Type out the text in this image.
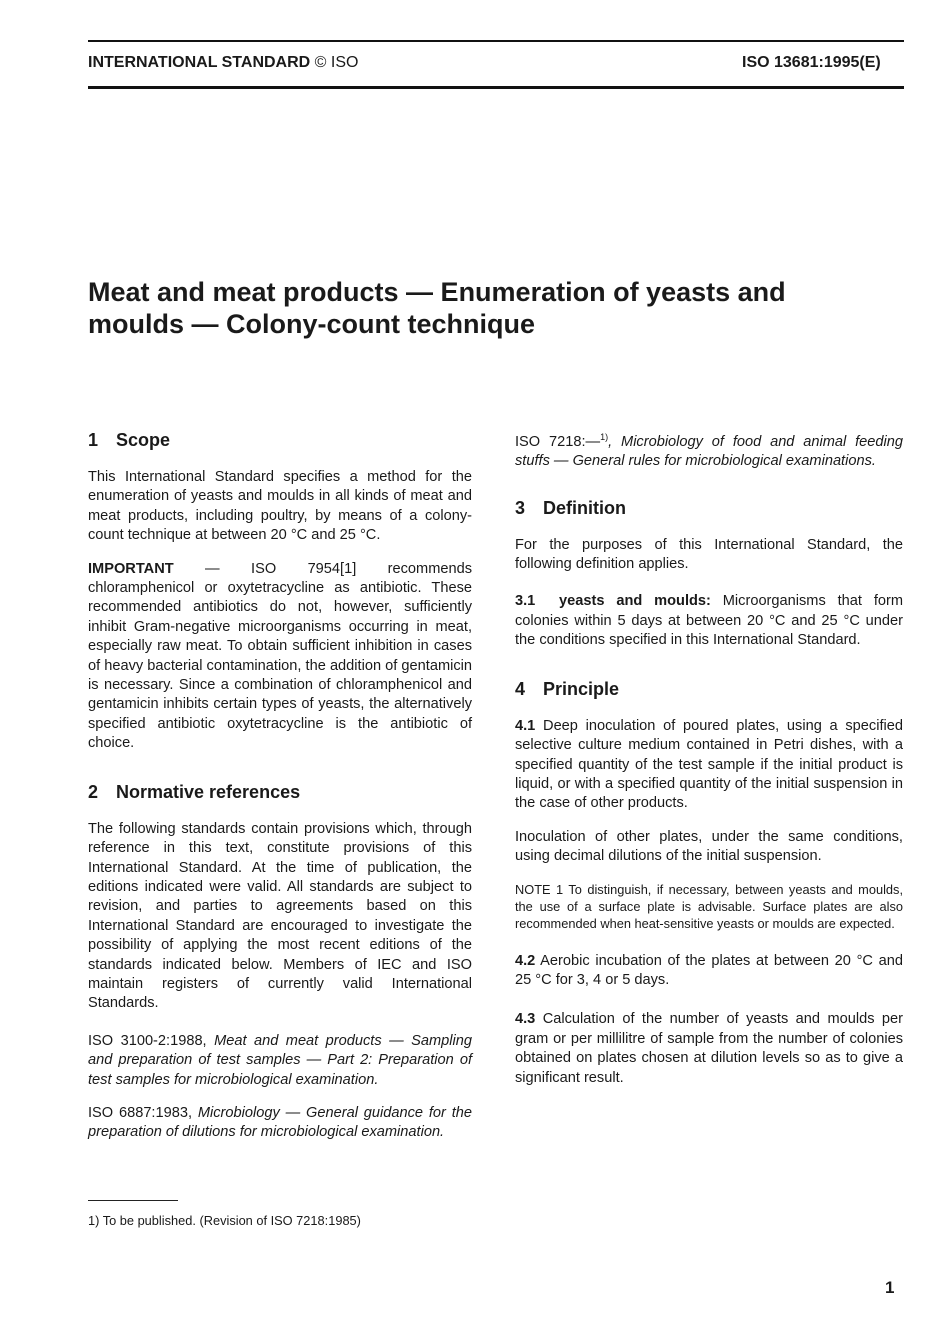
INTERNATIONAL STANDARD © ISO	ISO 13681:1995(E)
Meat and meat products — Enumeration of yeasts and
moulds — Colony-count technique
1 Scope

This International Standard specifies a method for the enumeration of yeasts and moulds in all kinds of meat and meat products, including poultry, by means of a colony-count technique at between 20 °C and 25 °C.

IMPORTANT — ISO 7954[1] recommends chloramphenicol or oxytetracycline as antibiotic. These recommended antibiotics do not, however, sufficiently inhibit Gram-negative microorganisms occurring in meat, especially raw meat. To obtain sufficient inhibition in cases of heavy bacterial contamination, the addition of gentamicin is necessary. Since a combination of chloramphenicol and gentamicin inhibits certain types of yeasts, the alternatively specified antibiotic oxytetracycline is the antibiotic of choice.

2 Normative references

The following standards contain provisions which, through reference in this text, constitute provisions of this International Standard. At the time of publication, the editions indicated were valid. All standards are subject to revision, and parties to agreements based on this International Standard are encouraged to investigate the possibility of applying the most recent editions of the standards indicated below. Members of IEC and ISO maintain registers of currently valid International Standards.

ISO 3100-2:1988, Meat and meat products — Sampling and preparation of test samples — Part 2: Preparation of test samples for microbiological examination.

ISO 6887:1983, Microbiology — General guidance for the preparation of dilutions for microbiological examination.

ISO 7218:—$^{1)}$, Microbiology of food and animal feeding stuffs — General rules for microbiological examinations.

3 Definition

For the purposes of this International Standard, the following definition applies.

3.1 yeasts and moulds: Microorganisms that form colonies within 5 days at between 20 °C and 25 °C under the conditions specified in this International Standard.

4 Principle

4.1 Deep inoculation of poured plates, using a specified selective culture medium contained in Petri dishes, with a specified quantity of the test sample if the initial product is liquid, or with a specified quantity of the initial suspension in the case of other products.

Inoculation of other plates, under the same conditions, using decimal dilutions of the initial suspension.

NOTE 1 To distinguish, if necessary, between yeasts and moulds, the use of a surface plate is advisable. Surface plates are also recommended when heat-sensitive yeasts or moulds are expected.

4.2 Aerobic incubation of the plates at between 20 °C and 25 °C for 3, 4 or 5 days.

4.3 Calculation of the number of yeasts and moulds per gram or per millilitre of sample from the number of colonies obtained on plates chosen at dilution levels so as to give a significant result.

1) To be published. (Revision of ISO 7218:1985)
1
